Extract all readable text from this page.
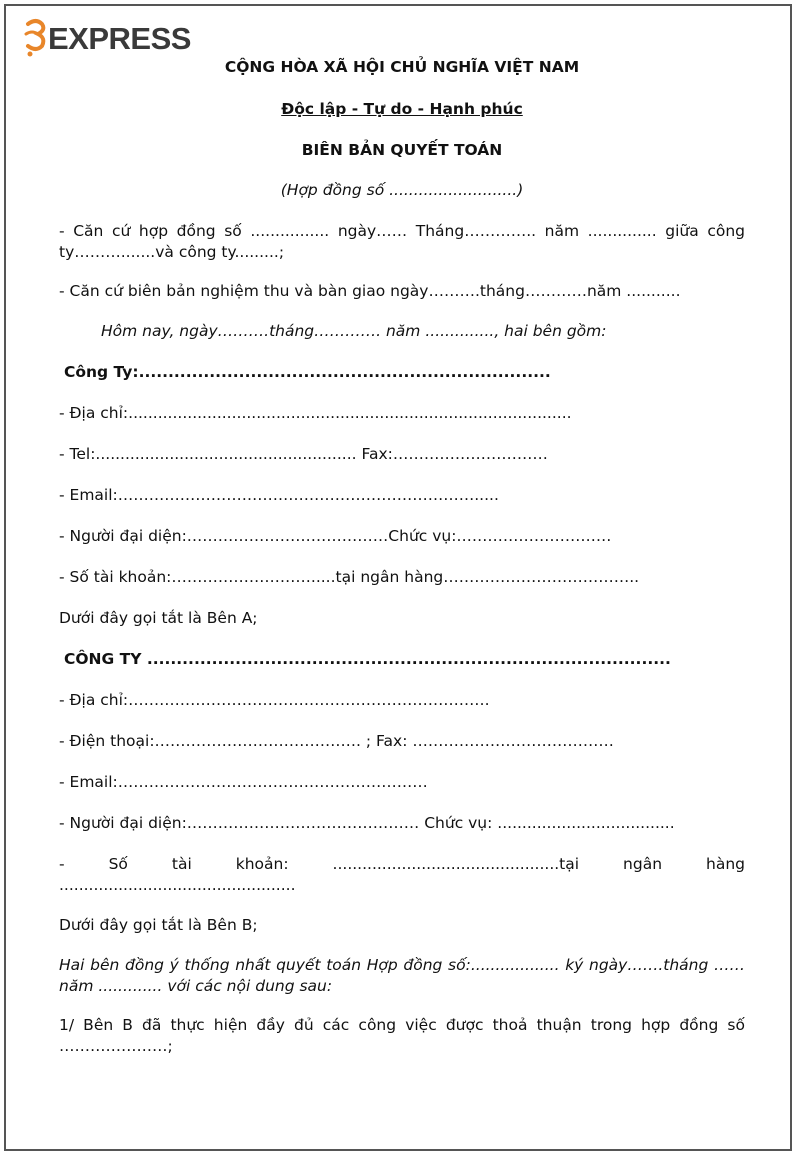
EXPRESS

CỘNG HÒA XÃ HỘI CHỦ NGHĨA VIỆT NAM

Độc lập - Tự do - Hạnh phúc

BIÊN BẢN QUYẾT TOÁN

(Hợp đồng số ..........................)

- Căn cứ hợp đồng số ................ ngày…… Tháng………….. năm .............. giữa công ty……….......và công ty.........;

- Căn cứ biên bản nghiệm thu và bàn giao ngày……….tháng…………năm ...........

Hôm nay, ngày……….tháng…………. năm .............., hai bên gồm:

Công Ty:......................................................................

- Địa chỉ:..........................................................................................

- Tel:..................................................... Fax:…………………………

- Email:…………………………………………………………….....

- Người đại diện:…………………………………Chức vụ:…………………………

- Số tài khoản:……………………….....tại ngân hàng………………………………..

Dưới đây gọi tắt là Bên A;

CÔNG TY .........................................................................................

- Địa chỉ:…………………………………………………………….

- Điện thoại:…………………………………. ; Fax: …………………………………

- Email:……………………………………………………

- Người đại diện:……………………………………… Chức vụ: ....................................

- Số tài khoản: ..............................................tại ngân hàng ................................................

Dưới đây gọi tắt là Bên B;

Hai bên đồng ý thống nhất quyết toán Hợp đồng số:.................. ký ngày…….tháng …… năm ............. với các nội dung sau:

1/ Bên B đã thực hiện đầy đủ các công việc được thoả thuận trong hợp đồng số …………………;
